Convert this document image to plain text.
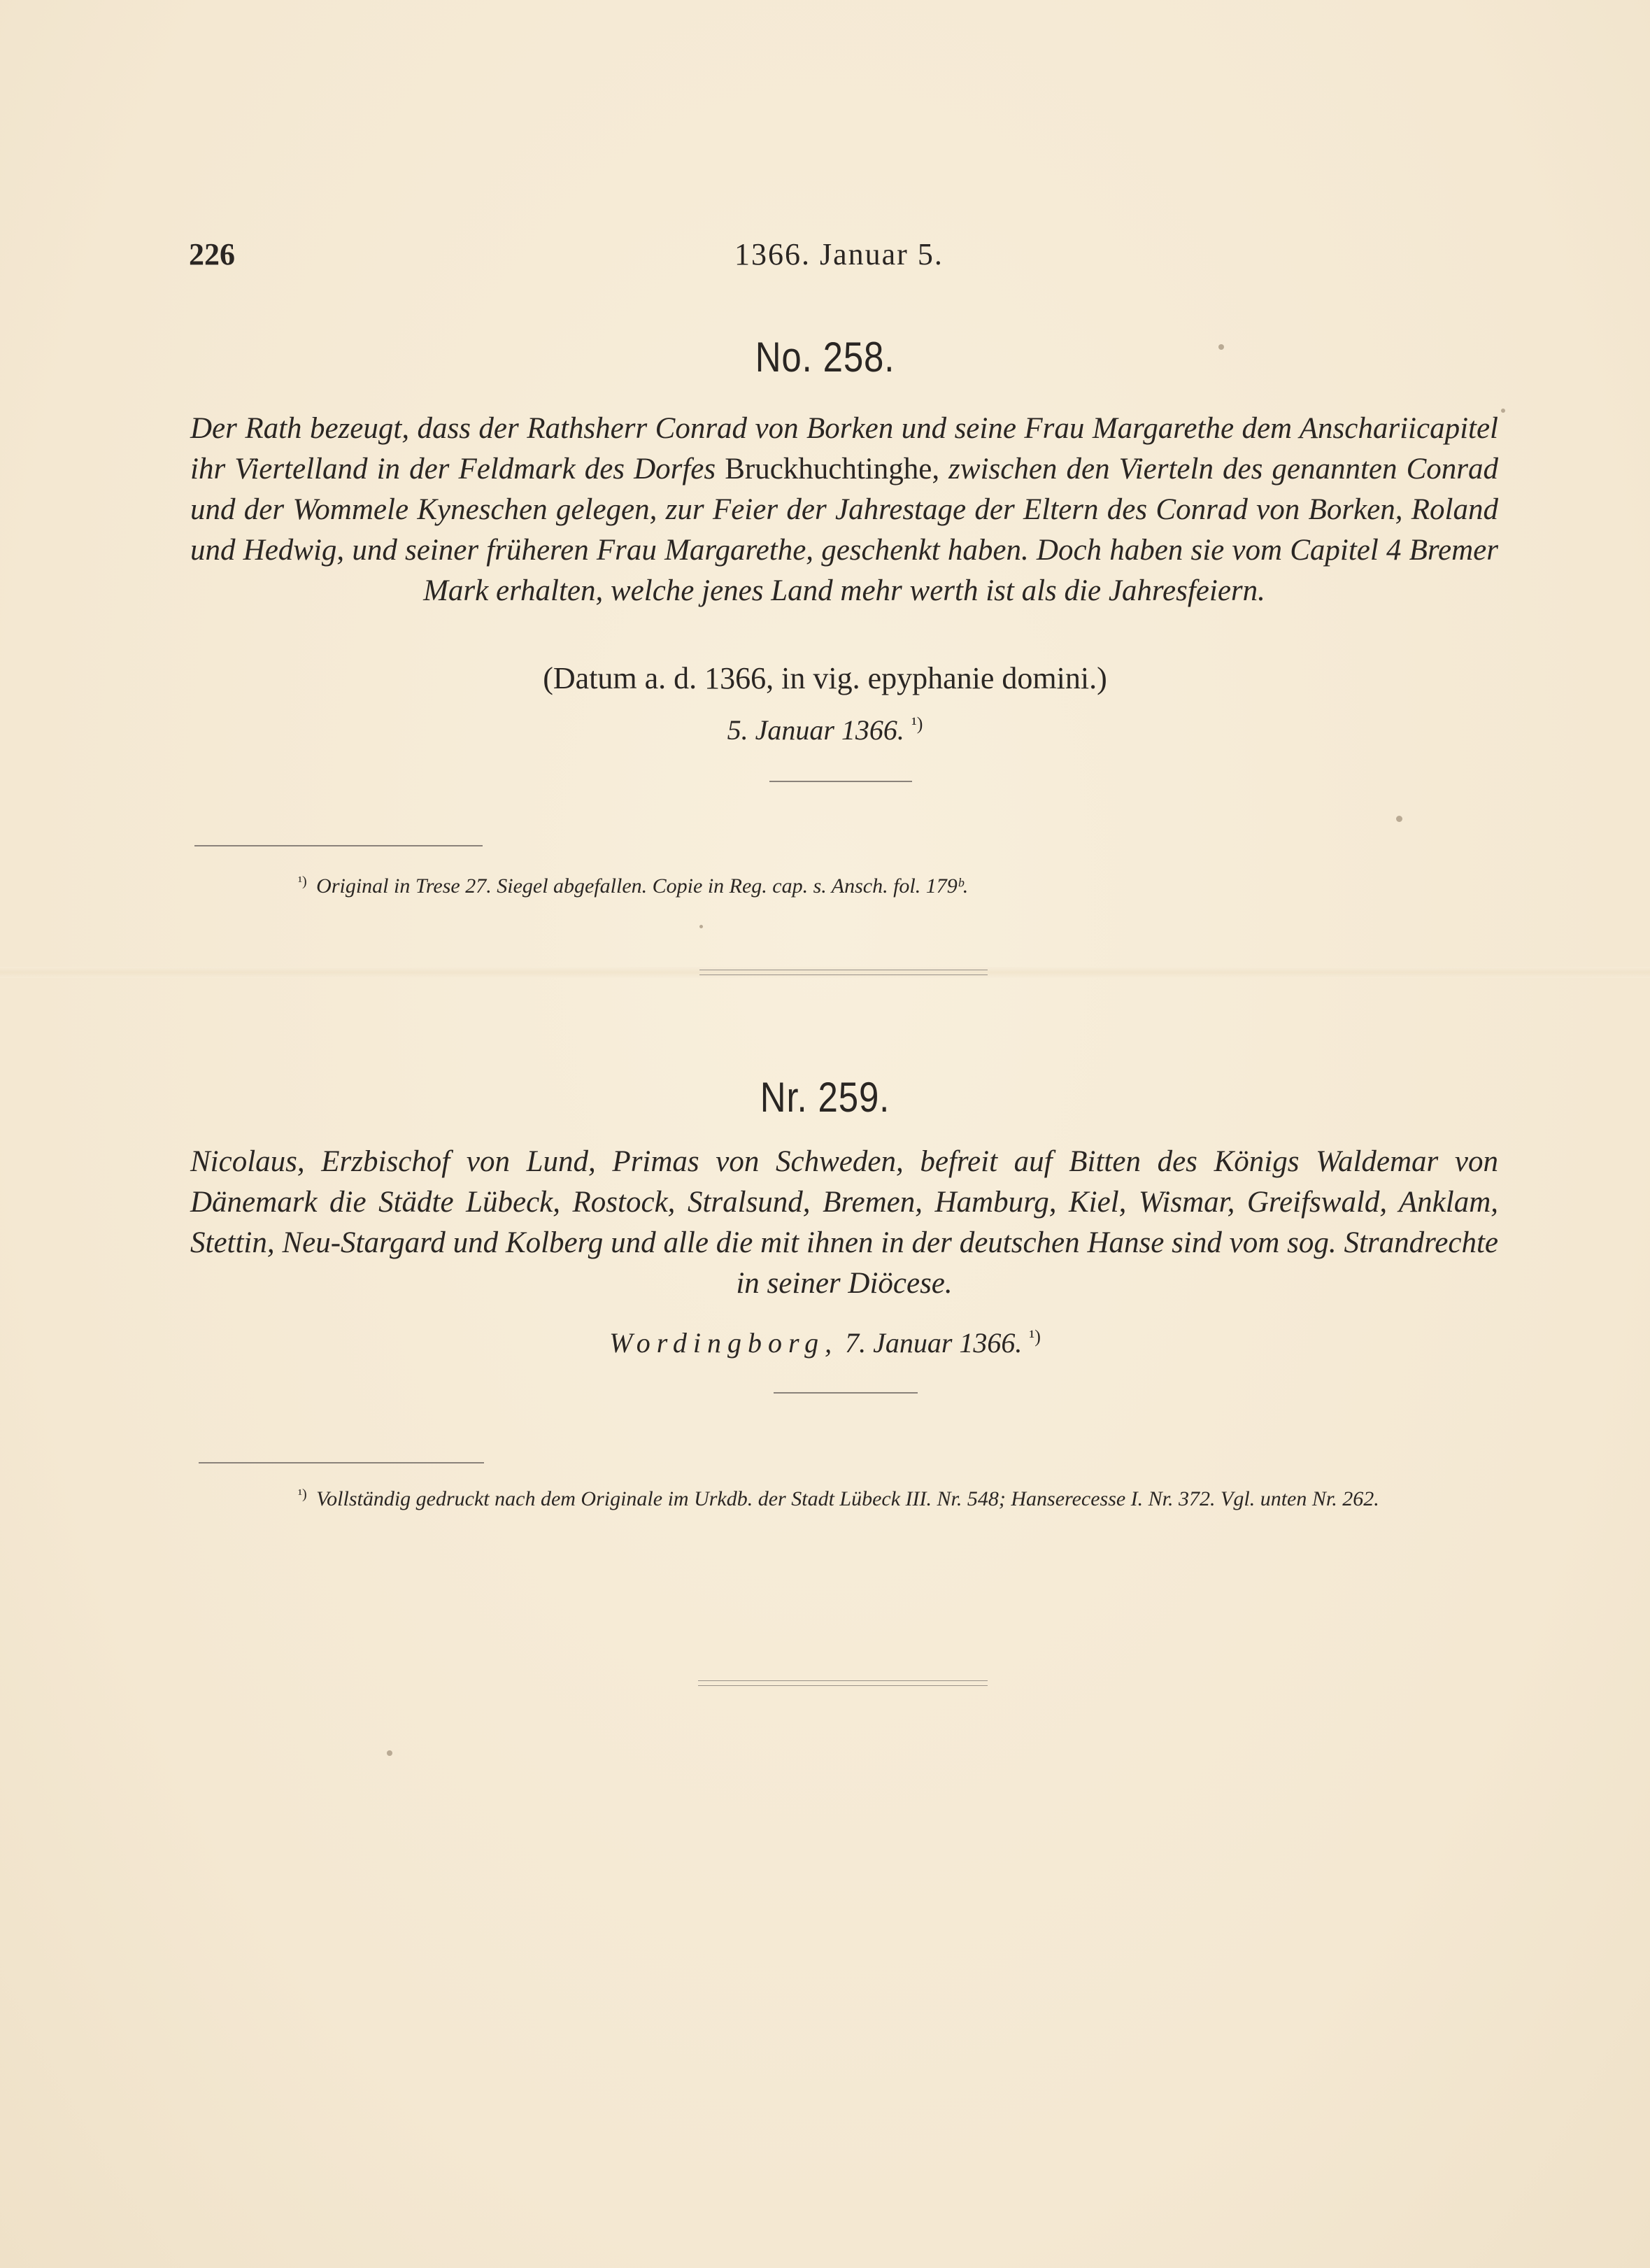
226	1366. Januar 5.
No. 258.
Der Rath bezeugt, dass der Rathsherr Conrad von Borken und seine Frau Margarethe dem Anschariicapitel ihr Viertelland in der Feldmark des Dorfes Bruckhuchtinghe, zwischen den Vierteln des genannten Conrad und der Wommele Kyneschen gelegen, zur Feier der Jahrestage der Eltern des Conrad von Borken, Roland und Hedwig, und seiner früheren Frau Margarethe, geschenkt haben. Doch haben sie vom Capitel 4 Bremer Mark erhalten, welche jenes Land mehr werth ist als die Jahresfeiern.
(Datum a. d. 1366, in vig. epyphanie domini.)
5. Januar 1366. $^{^1)}$
$^{^1)}$ Original in Trese 27. Siegel abgefallen. Copie in Reg. cap. s. Ansch. fol. 179ᵇ.
Nr. 259.
Nicolaus, Erzbischof von Lund, Primas von Schweden, befreit auf Bitten des Königs Waldemar von Dänemark die Städte Lübeck, Rostock, Stralsund, Bremen, Hamburg, Kiel, Wismar, Greifswald, Anklam, Stettin, Neu-Stargard und Kolberg und alle die mit ihnen in der deutschen Hanse sind vom sog. Strandrechte in seiner Diöcese.
Wordingborg, 7. Januar 1366. $^{^1)}$
$^{^1)}$ Vollständig gedruckt nach dem Originale im Urkdb. der Stadt Lübeck III. Nr. 548; Hanserecesse I. Nr. 372. Vgl. unten Nr. 262.
